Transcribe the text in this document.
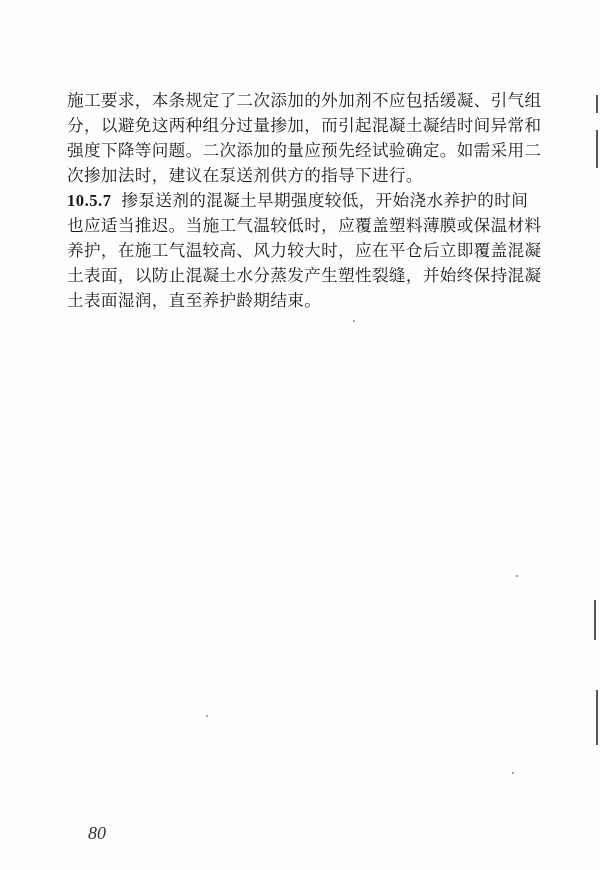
施工要求，本条规定了二次添加的外加剂不应包括缓凝、引气组
分，以避免这两种组分过量掺加，而引起混凝土凝结时间异常和
强度下降等问题。二次添加的量应预先经试验确定。如需采用二
次掺加法时，建议在泵送剂供方的指导下进行。
10.5.7 掺泵送剂的混凝土早期强度较低，开始浇水养护的时间
也应适当推迟。当施工气温较低时，应覆盖塑料薄膜或保温材料
养护，在施工气温较高、风力较大时，应在平仓后立即覆盖混凝
土表面，以防止混凝土水分蒸发产生塑性裂缝，并始终保持混凝
土表面湿润，直至养护龄期结束。
80
